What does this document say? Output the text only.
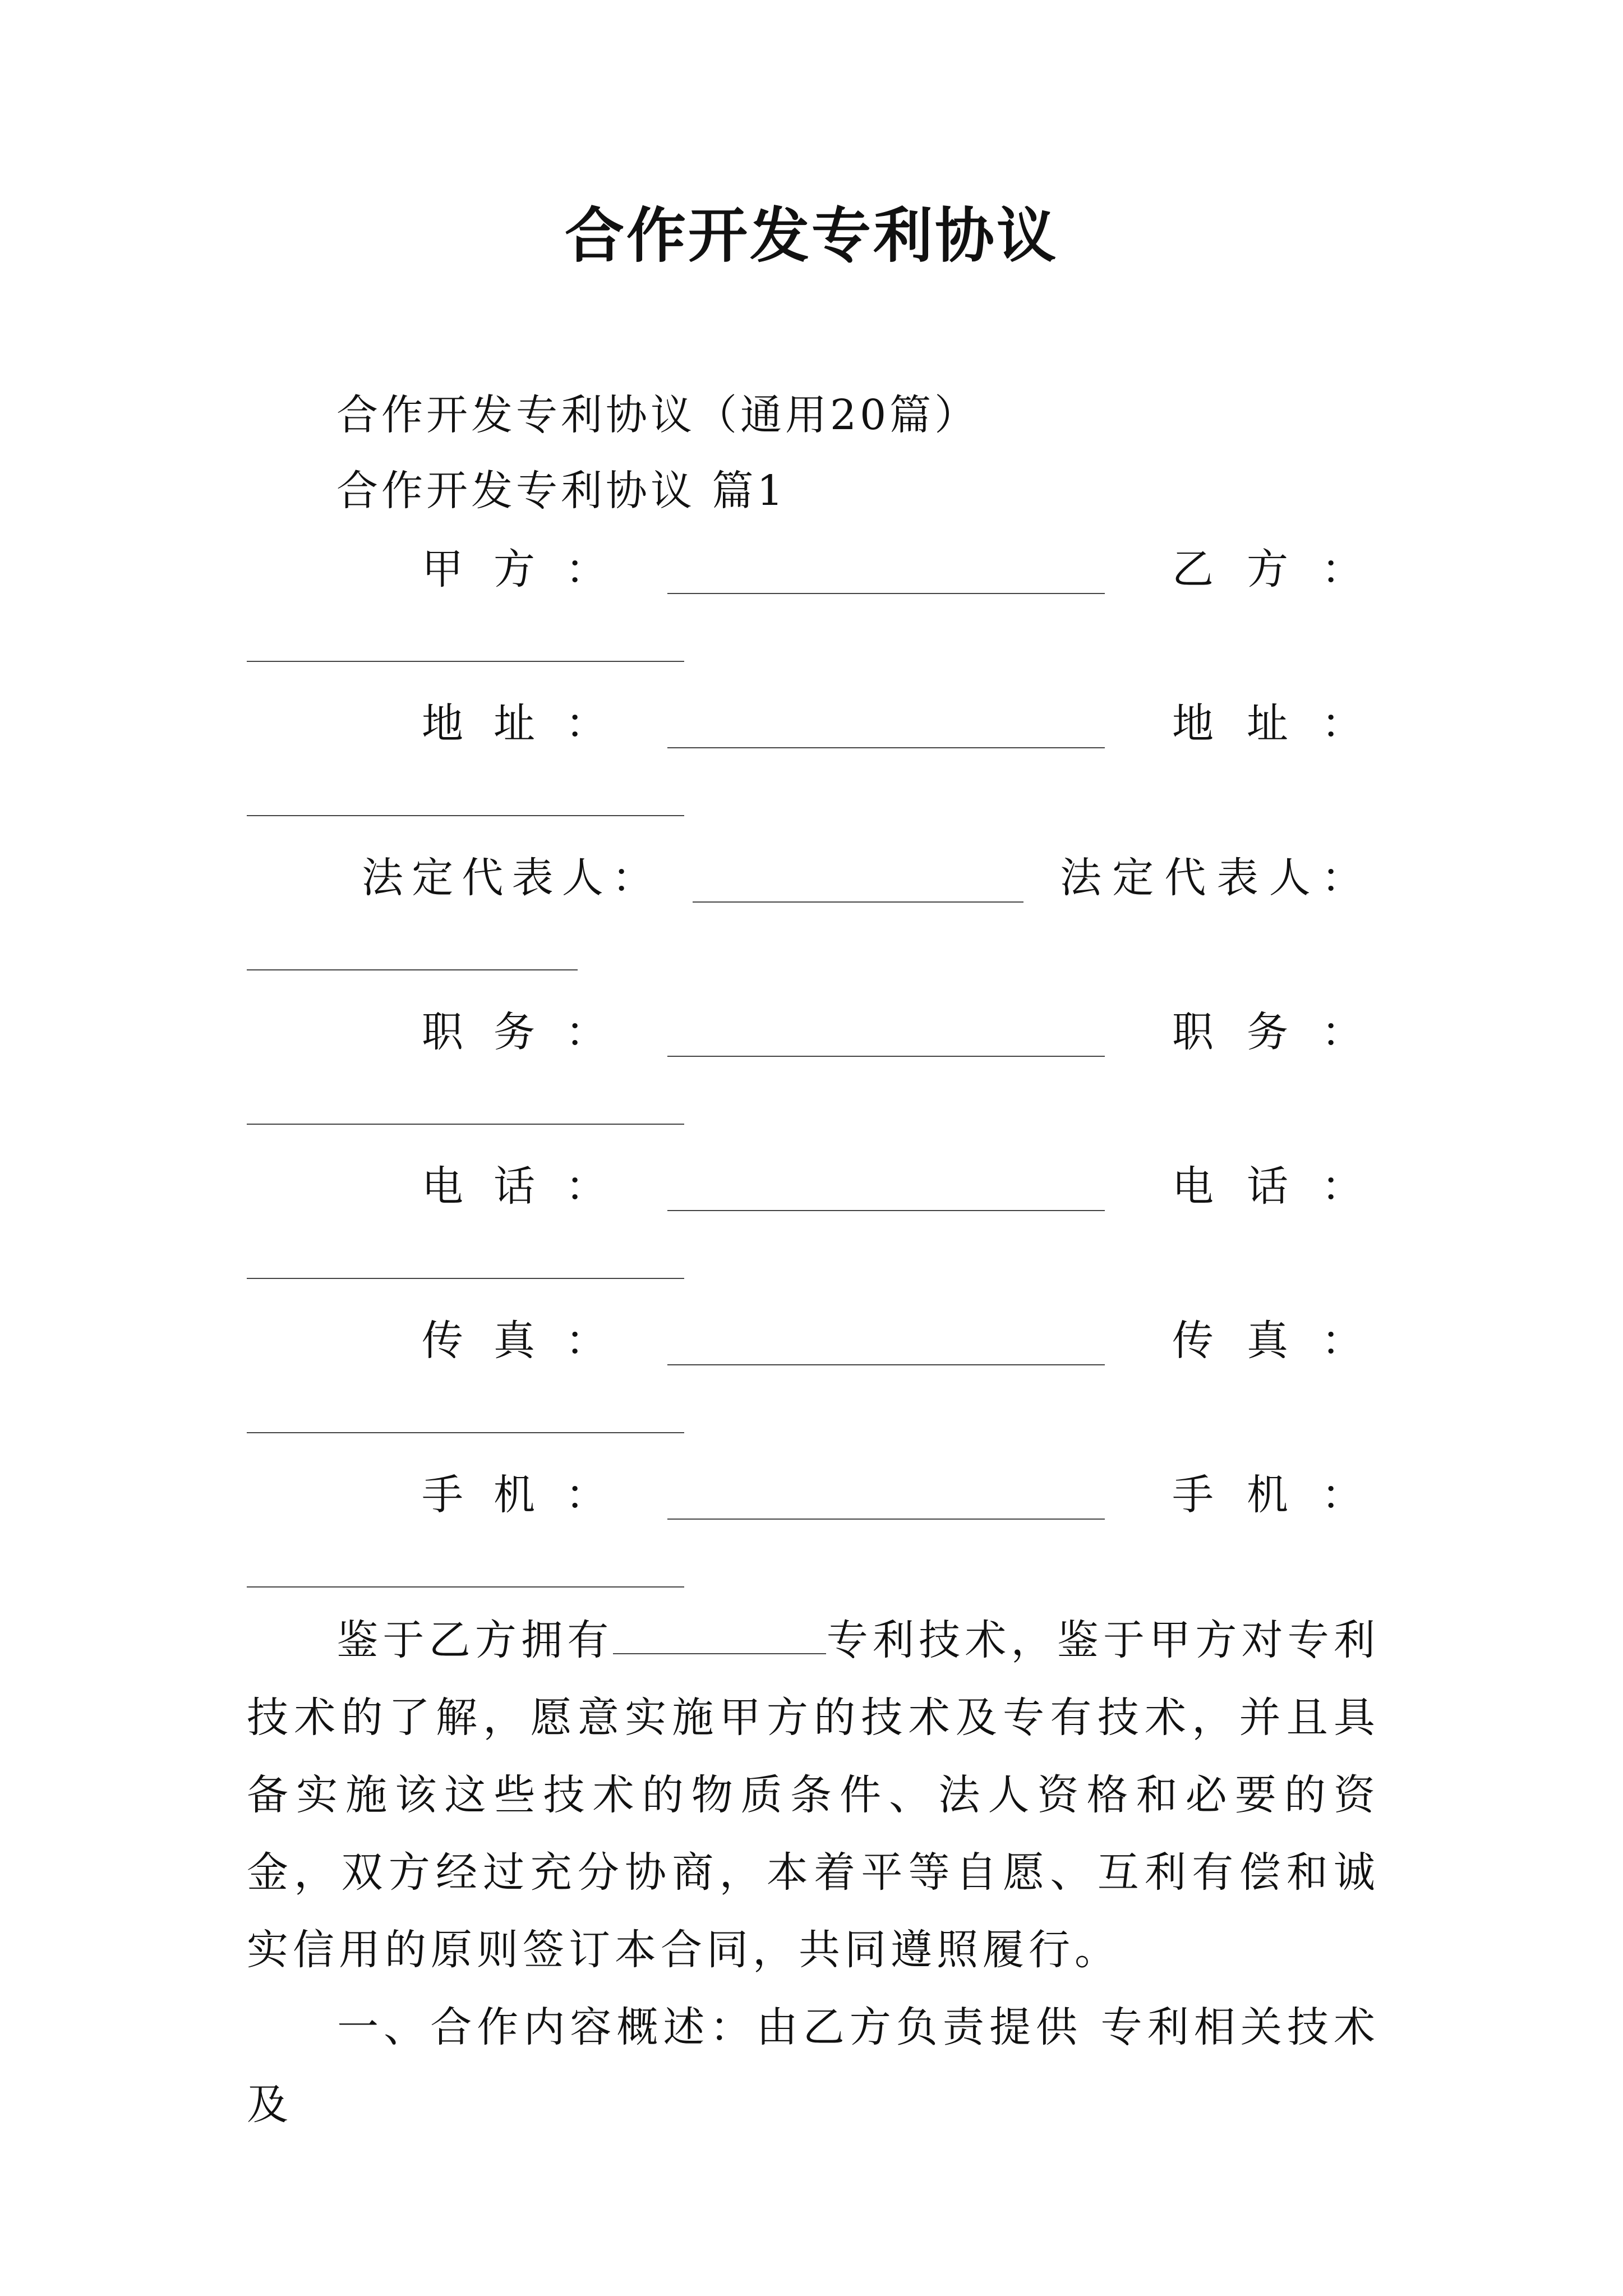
合作开发专利协议
合作开发专利协议（通用20篇）
合作开发专利协议 篇1
甲 方 ：	乙 方 ：
地 址 ：	地 址 ：
法 定 代 表 人 ：	法 定 代 表 人 ：
职 务 ：	职 务 ：
电 话 ：	电 话 ：
传 真 ：	传 真 ：
手 机 ：	手 机 ：
鉴于乙方拥有	专利技术，鉴于甲方对专利技术的了解，愿意实施甲方的技术及专有技术，并且具备实施该这些技术的物质条件、法人资格和必要的资金，双方经过充分协商，本着平等自愿、互利有偿和诚实信用的原则签订本合同，共同遵照履行。
一、合作内容概述：由乙方负责提供 专利相关技术及
